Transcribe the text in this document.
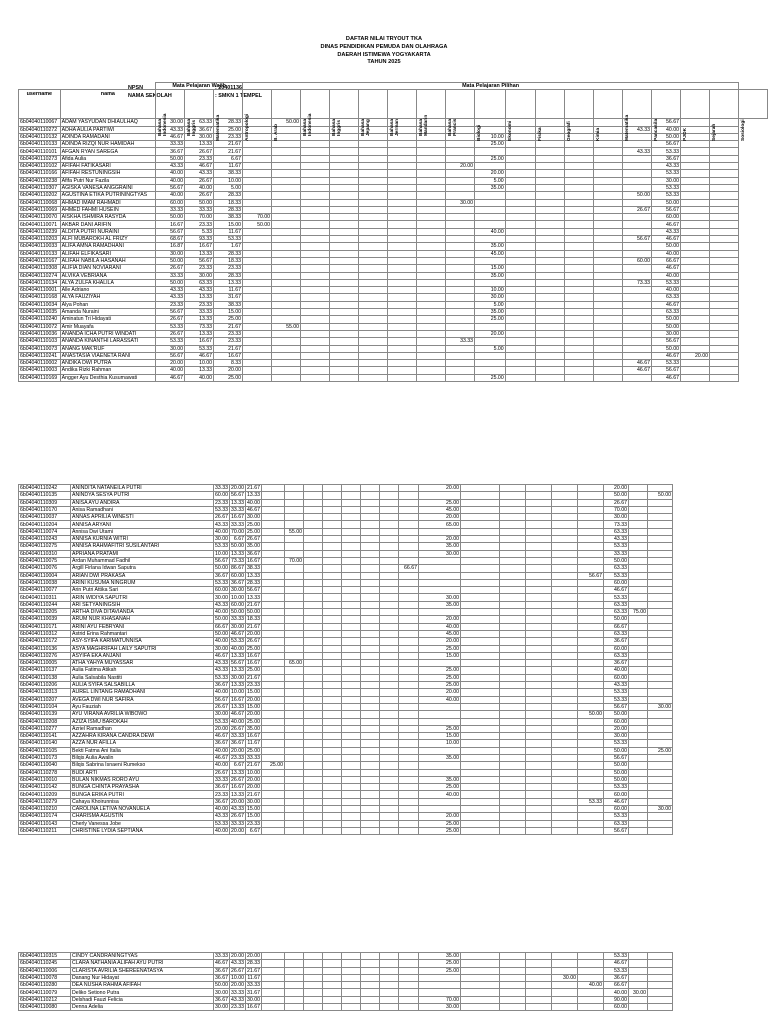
DAFTAR NILAI TRYOUT TKA
DINAS PENDIDIKAN PEMUDA DAN OLAHRAGA
DAERAH ISTIMEWA YOGYAKARTA
TAHUN 2025
NPSN	: 20401136
NAMA SEKOLAH	: SMKN 1 TEMPEL
		Mata Pelajaran Wajib			Mata Pelajaran Pilihan																	
username	nama	Bahasa Indonesia	Bahasa Inggris	Matematika	Antropologi	B. Arab	Bahasa Indonesia	Bahasa Inggris	Bahasa Jepang	Bahasa Jerman	Bahasa Mandarin	Bahasa Prancis	Biologi	Ekonomi	Fisika	Geografi	Kimia	Matematika	Pancasila	PJOK	Sejarah	Sosiologi

6b04040110067	ADAM YASYUDAN DHIAULHAQ	30.00	63.33	28.33		50.00													56.67			
6b04040110272	ADHA AULIA PARTIWI	43.33	36.67	25.00														43.33	40.00			
6b04040110132	ADINDA RAMADANI	46.67	30.00	23.33									10.00						50.00			
6b04040110133	ADINDA RIZQI NUR HAMIDAH	33.33	13.33	21.67									25.00						56.67			
6b04040110101	AFGAN RYAN SAREGA	36.67	26.67	21.67														43.33	53.33			
6b04040110273	Afida Aulia	50.00	23.33	6.67									25.00						36.67			
6b04040110102	AFIFAH FATIKASARI	43.33	46.67	11.67								20.00							43.33			
6b04040110166	AFIFAH RESTUNINGSIH	40.00	43.33	38.33									20.00						53.33			
6b04040110238	Afifa Putri Nur Fazila	40.00	26.67	10.00									5.00						30.00			
6b04040110307	AGISKA VANESA ANGGRAINI	56.67	40.00	5.00									35.00						53.33			
6b04040110202	AGUSTINA ETIKA PUTRININGTYAS	40.00	26.67	28.33														50.00	53.33			
6b04040110068	AHMAD IMAM RAHMADI	60.00	50.00	18.33								30.00							50.00			
6b04040110069	AHMED FAHMI HUSEIN	33.33	33.33	28.33														26.67	56.67			
6b04040110070	AISKHA ISHMIRA RASYDA	50.00	70.00	38.33	70.00														60.00			
6b04040110071	AKBAR DANI ARIFIN	16.67	23.33	15.00	50.00														46.67			
6b04040110239	ALDITA PUTRI NURAINI	56.67	5.33	11.67									40.00						43.33			
6b04040110203	ALFI MUBAROKH AL FRIZY	68.67	93.33	53.33														56.67	46.67			
6b04040110033	ALIFA AMNA RAMADHANI	16.87	16.67	1.67									35.00						50.00			
6b04040110133	ALIFAH ELFIKASARI	30.00	13.33	28.33									45.00						40.00			
6b04040110167	ALIFAH NABILA HASANAH	50.00	56.67	18.33														60.00	66.67			
6b04040110308	ALIFIA DIAN NOVIARANI	26.67	23.33	23.33									15.00						46.67			
6b04040110274	ALVIKA VEBRIANA	33.33	30.00	28.33									35.00						40.00			
6b04040110134	ALYA ZULFA KHALILA	50.00	63.33	13.33														73.33	53.33			
6b04040110001	Alle Adriano	43.33	43.33	11.67									10.00						40.00			
6b04040110168	ALYA FAUZIYAH	43.33	13.33	31.67									30.00						63.33			
6b04040110034	Alya Pohan	23.33	23.33	38.33									5.00						46.67			
6b04040110035	Amanda Nuraini	56.67	33.33	15.00									35.00						63.33			
6b04040110240	Aminatun Tri Hidayati	26.67	13.33	25.00									25.00						50.00			
6b04040110072	Amir Muayafa	53.33	73.33	21.67		55.00													50.00			
6b04040110036	ANANDA ICHA PUTRI WINDATI	26.67	13.33	23.33									20.00						30.00			
6b04040110103	ANANDA KINANTHI LARASSATI	53.33	16.67	23.33								33.33							56.67			
6b04040110073	ANANG MAK'RUF	30.00	53.33	21.67									5.00						50.00			
6b04040110241	ANASTASIA VIAENETA RANI	56.67	46.67	16.67															46.67	20.00		
6b04040110002	ANDIKA DWI PUTRA	20.00	10.00	8.33														46.67	53.33			
6b04040110003	Andika Rizki Rahman	40.00	13.33	20.00														46.67	56.67			
6b04040110169	Angger Ayu Desthia Kusumawati	46.67	40.00	25.00									25.00						46.67			
6b04040110242	ANINDITA NATANEILA PUTRI	33.33	20.00	21.67									20.00						20.00		
6b04040110135	ANINDYA SESYA PUTRI	60.00	56.67	13.33															50.00		50.00
6b04040110309	ANISA AYU ANDIRA	23.33	13.33	40.00									25.00						26.67		
6b04040110170	Anisa Ramadhani	53.33	33.33	46.67									45.00						70.00		
6b04040110037	ANNAS APRILIA WINESTI	26.67	16.67	30.00									20.00						30.00		
6b04040110204	ANNISA ARYANI	43.33	33.33	25.00									65.00						73.33		
6b04040110074	Annisa Dwi Utami	40.00	70.00	25.00		55.00													63.33		
6b04040110243	ANNISA KURNIA WITRI	30.00	6.67	26.67									20.00						43.33		
6b04040110275	ANNISA RAHMAFITRI SUSILANTARI	53.33	50.00	35.00									35.00						53.33		
6b04040110310	APRIANA PRATAMI	10.00	13.33	36.67									30.00						33.33		
6b04040110075	Ardan Muhammad Fadhil	56.67	73.33	16.67		70.00													50.00		
6b04040110076	Argill Firlana Idwan Saputra	50.00	86.67	38.33								66.67							63.33		
6b04040110004	ARIAN DWI PRAKASA	36.67	60.00	13.33														56.67	53.33		
6b04040110038	ARINI KUSUMA NINGRUM	53.33	36.67	28.33															60.00		
6b04040110077	Arin Putri Attika Sari	60.00	30.00	56.67															46.67		
6b04040110311	ARIN WIDIYA SAPUTRI	30.00	10.00	13.33									30.00						53.33		
6b04040110244	ARI SETYANINGSIH	43.33	60.00	21.67									35.00						63.33		
6b04040110205	ARTHA DIVA DITAVIANDA	40.00	50.00	50.00															63.33	75.00	
6b04040110039	ARUM NUR KHASANAH	50.00	33.33	18.33									20.00						50.00		
6b04040110171	ARINI AYU FEBRYANI	66.67	30.00	21.67									40.00						66.67		
6b04040110312	Astrid Erina Rahmantari	50.00	46.67	20.00									45.00						63.33		
6b04040110172	ASY-SYIFA KARIMATUNNISA	40.00	53.33	26.67									20.00						36.67		
6b04040110136	ASYA MAGHRIFAH LAILY SAPUTRI	30.00	40.00	25.00									25.00						60.00		
6b04040110276	ASYIFA EKA ANJANI	46.67	13.33	16.67									15.00						63.33		
6b04040110005	ATHA YAHYA MUYASSAR	43.33	56.67	16.67		65.00													36.67		
6b04040110137	Aulia Fatima Atikah	43.33	13.33	25.00									25.00						40.00		
6b04040110138	Aulia Salsabila Nastiti	53.33	30.00	21.67									25.00						60.00		
6b04040110206	AULIA SYIFA SALSABILLA	36.67	13.33	23.33									25.00						43.33		
6b04040110313	AUREL LINTANG RAMADHANI	40.00	10.00	15.00									20.00						53.33		
6b04040110207	AVEGA DWI NUR SAFIRA	56.67	16.67	20.00									40.00						53.33		
6b04040110104	Ayu Fauziah	26.67	13.33	15.00															56.67		30.00
6b04040110139	AYU VIRANA AVRILIA WIBOWO	30.00	46.67	20.00														50.00	50.00		
6b04040110208	AZIZA ISMU BAROKAH	53.33	40.00	25.00															60.00		
6b04040110277	Azriel Ramadhan	20.00	26.67	35.00									25.00						20.00		
6b04040110141	AZZAHRA KIRANA CANDRA DEWI	46.67	33.33	16.67									15.00						30.00		
6b04040110140	AZZA NUR AFILLA	36.67	36.67	11.67									10.00						53.33		
6b04040110105	Bekti Fatma Ani Italia	40.00	20.00	25.00															50.00		25.00
6b04040110173	Bilqis Aulia Awalin	46.67	23.33	33.33									35.00						56.67		
6b04040110040	Bilqis Sabrina Isnaeni Rumekso	40.00	6.67	21.67	25.00														50.00		
6b04040110278	BUDI ARTI	26.67	13.33	10.00															50.00		
6b04040110010	BULAN NIKMAS RORO AYU	33.33	26.67	20.00									35.00						50.00		
6b04040110142	BUNGA CHINTA PRAYASHA	36.67	16.67	20.00									25.00						53.33		
6b04040110209	BUNGA ERIKA PUTRI	23.33	13.33	21.67									40.00						60.00		
6b04040110279	Cahaya Khoirunnisa	36.67	20.00	30.00														53.33	46.67		
6b04040110210	CAROLINA LETIVA NOVANUELA	40.00	43.33	15.00															60.00		30.00
6b04040110174	CHARISMA AGUSTIN	43.33	26.67	15.00									20.00						53.33		
6b04040110143	Cherly Vanessa Jobe	53.33	33.33	23.33									25.00						63.33		
6b04040110211	CHRISTINE LYDIA SEPTIANA	40.00	20.00	6.67									25.00						56.67		
6b04040110315	CINDY CANDRANINGTYAS	33.33	20.00	20.00									35.00						53.33		
6b04040110245	CLARA NATHANIA ALIFAH AYU PUTRI	46.67	43.33	28.33									25.00						46.67		
6b04040110006	CLARISTA AVRILIA SHEREENATASYA	36.67	26.67	21.67									25.00						53.33		
6b04040110078	Danang Nur Hidayat	36.67	10.00	11.67													30.00		36.67		
6b04040110280	DEA NUSHA RAHMA AFIFAH	50.00	20.00	33.33														40.00	66.67		
6b04040110079	Deliko Setiono Putra	30.00	33.33	31.67															40.00	30.00	
6b04040110212	Delshadi Fauzi Felicia	36.67	43.33	30.00									70.00						90.00		
6b04040110080	Denna Adelia	30.00	23.33	16.67									30.00						60.00		
